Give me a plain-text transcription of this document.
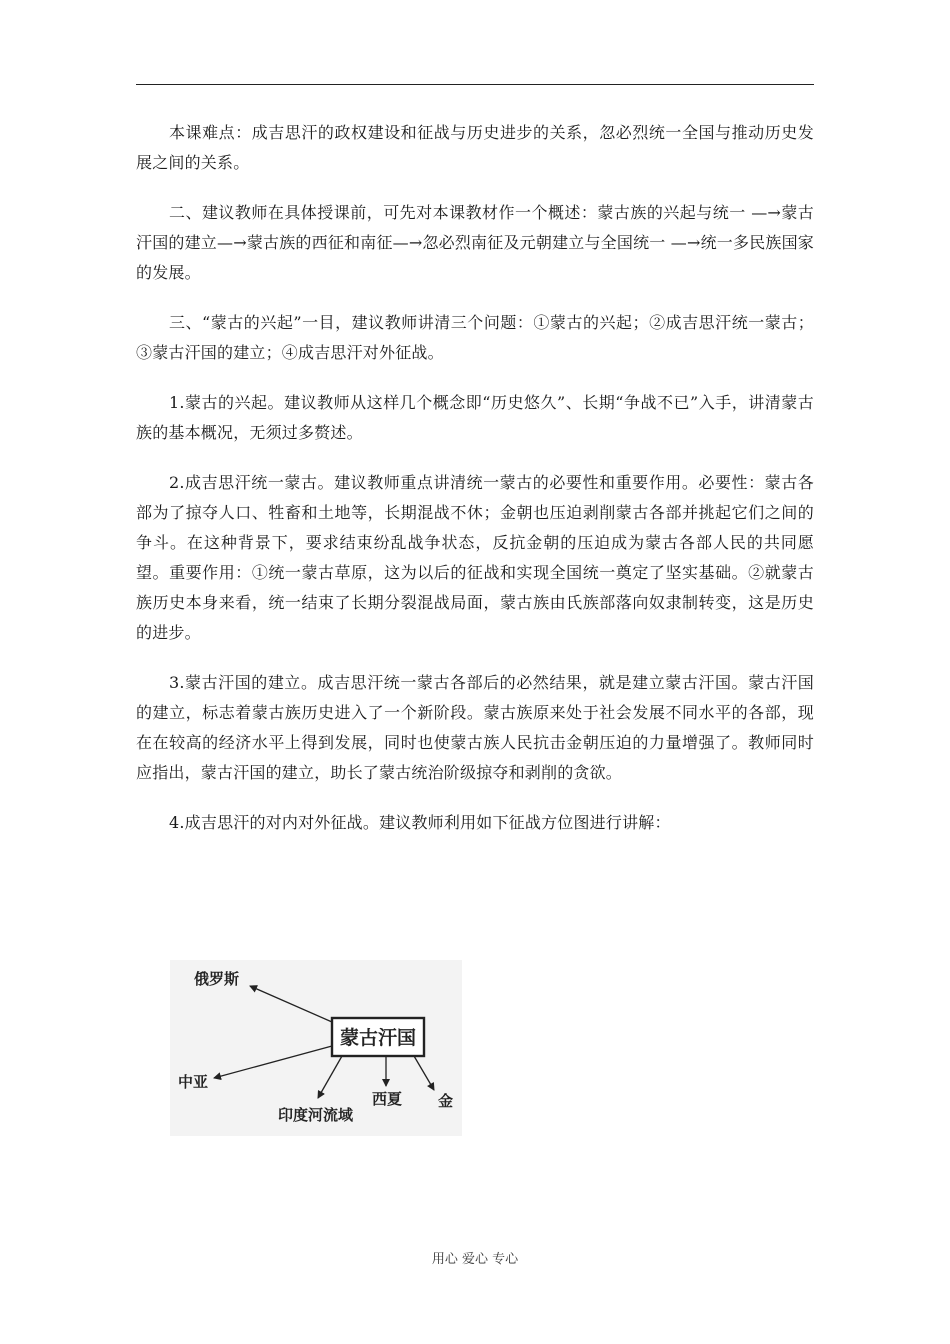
本课难点：成吉思汗的政权建设和征战与历史进步的关系，忽必烈统一全国与推动历史发展之间的关系。

二、建议教师在具体授课前，可先对本课教材作一个概述：蒙古族的兴起与统一 —→蒙古汗国的建立—→蒙古族的西征和南征—→忽必烈南征及元朝建立与全国统一 —→统一多民族国家的发展。

三、“蒙古的兴起”一目，建议教师讲清三个问题：①蒙古的兴起；②成吉思汗统一蒙古；③蒙古汗国的建立；④成吉思汗对外征战。

1.蒙古的兴起。建议教师从这样几个概念即“历史悠久”、长期“争战不已”入手，讲清蒙古族的基本概况，无须过多赘述。

2.成吉思汗统一蒙古。建议教师重点讲清统一蒙古的必要性和重要作用。必要性：蒙古各部为了掠夺人口、牲畜和土地等，长期混战不休；金朝也压迫剥削蒙古各部并挑起它们之间的争斗。在这种背景下，要求结束纷乱战争状态，反抗金朝的压迫成为蒙古各部人民的共同愿望。重要作用：①统一蒙古草原，这为以后的征战和实现全国统一奠定了坚实基础。②就蒙古族历史本身来看，统一结束了长期分裂混战局面，蒙古族由氏族部落向奴隶制转变，这是历史的进步。

3.蒙古汗国的建立。成吉思汗统一蒙古各部后的必然结果，就是建立蒙古汗国。蒙古汗国的建立，标志着蒙古族历史进入了一个新阶段。蒙古族原来处于社会发展不同水平的各部，现在在较高的经济水平上得到发展，同时也使蒙古族人民抗击金朝压迫的力量增强了。教师同时应指出，蒙古汗国的建立，助长了蒙古统治阶级掠夺和剥削的贪欲。

4.成吉思汗的对内对外征战。建议教师利用如下征战方位图进行讲解：

蒙古汗国
俄罗斯
中亚
印度河流域
西夏 金
用心 爱心 专心
